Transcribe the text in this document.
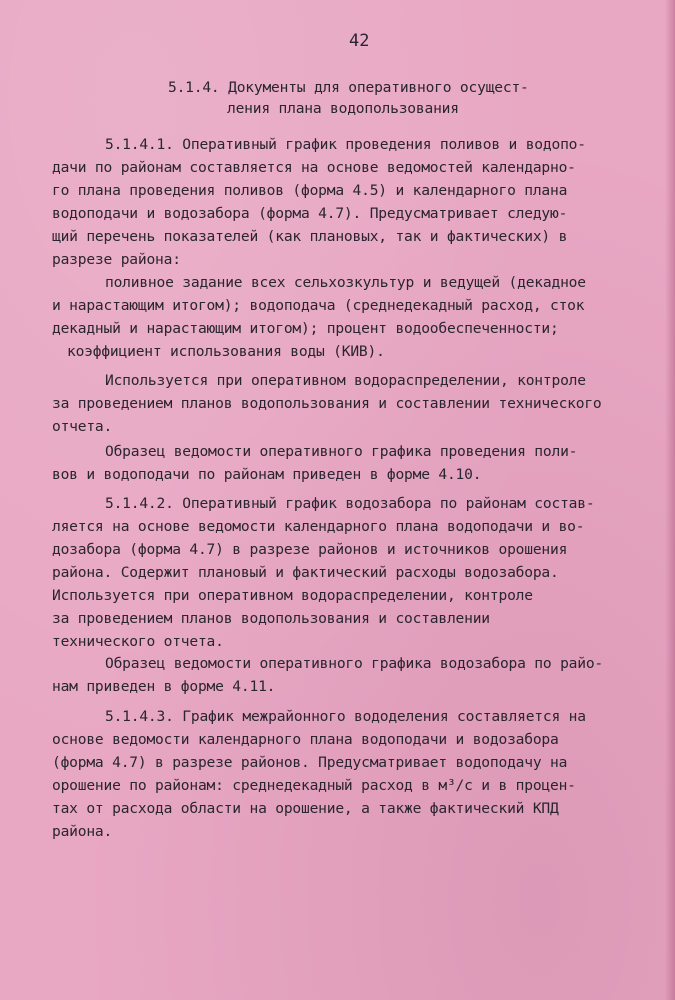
42
5.1.4. Документы для оперативного осущест-
ления плана водопользования
5.1.4.1. Оперативный график проведения поливов и водопо-
дачи по районам составляется на основе ведомостей календарно-
го плана проведения поливов (форма 4.5) и календарного плана
водоподачи и водозабора (форма 4.7). Предусматривает следую-
щий перечень показателей (как плановых, так и фактических) в
разрезе района:
поливное задание всех сельхозкультур и ведущей (декадное
и нарастающим итогом); водоподача (среднедекадный расход, сток
декадный и нарастающим итогом); процент водообеспеченности;
коэффициент использования воды (КИВ).
Используется при оперативном водораспределении, контроле
за проведением планов водопользования и составлении технического
отчета.
Образец ведомости оперативного графика проведения поли-
вов и водоподачи по районам приведен в форме 4.10.
5.1.4.2. Оперативный график водозабора по районам состав-
ляется на основе ведомости календарного плана водоподачи и во-
дозабора (форма 4.7) в разрезе районов и источников орошения
района. Содержит плановый и фактический расходы водозабора.
Используется при оперативном водораспределении, контроле
за проведением планов водопользования и составлении
технического отчета.
Образец ведомости оперативного графика водозабора по райо-
нам приведен в форме 4.11.
5.1.4.3. График межрайонного вододеления составляется на
основе ведомости календарного плана водоподачи и водозабора
(форма 4.7) в разрезе районов. Предусматривает водоподачу на
орошение по районам: среднедекадный расход в м³/с и в процен-
тах от расхода области на орошение, а также фактический КПД
района.
